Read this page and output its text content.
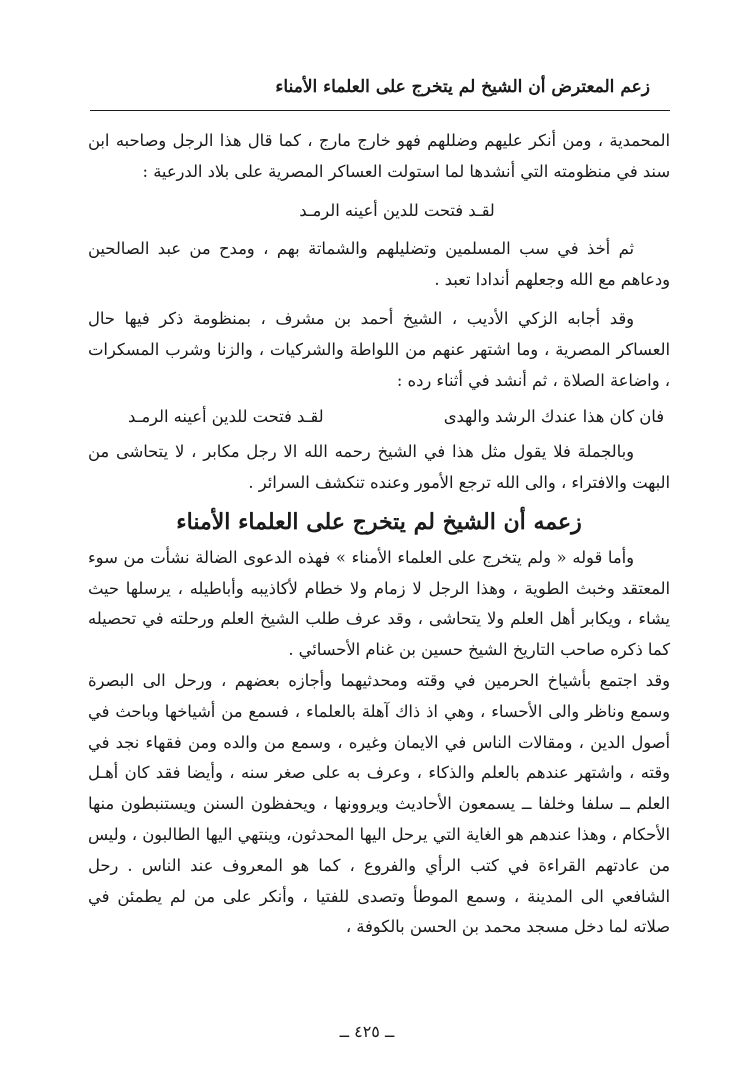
زعم المعترض أن الشيخ لم يتخرج على العلماء الأمناء

المحمدية ، ومن أنكر عليهم وضللهم فهو خارج مارج ، كما قال هذا الرجل وصاحبه ابن سند في منظومته التي أنشدها لما استولت العساكر المصرية على بلاد الدرعية :

لقـد فتحت للدين أعينه الرمـد

ثم أخذ في سب المسلمين وتضليلهم والشماتة بهم ، ومدح من عبد الصالحين ودعاهم مع الله وجعلهم أندادا تعبد .

وقد أجابه الزكي الأديب ، الشيخ أحمد بن مشرف ، بمنظومة ذكر فيها حال العساكر المصرية ، وما اشتهر عنهم من اللواطة والشركيات ، والزنا وشرب المسكرات ، واضاعة الصلاة ، ثم أنشد في أثناء رده :

فان كان هذا عندك الرشد والهدى
لقـد فتحت للدين أعينه الرمـد

وبالجملة فلا يقول مثل هذا في الشيخ رحمه الله الا رجل مكابر ، لا يتحاشى من البهت والافتراء ، والى الله ترجع الأمور وعنده تنكشف السرائر .

زعمه أن الشيخ لم يتخرج على العلماء الأمناء

وأما قوله « ولم يتخرج على العلماء الأمناء » فهذه الدعوى الضالة نشأت من سوء المعتقد وخبث الطوية ، وهذا الرجل لا زمام ولا خطام لأكاذيبه وأباطيله ، يرسلها حيث يشاء ، ويكابر أهل العلم ولا يتحاشى ، وقد عرف طلب الشيخ العلم ورحلته في تحصيله كما ذكره صاحب التاريخ الشيخ حسين بن غنام الأحسائي .

وقد اجتمع بأشياخ الحرمين في وقته ومحدثيهما وأجازه بعضهم ، ورحل الى البصرة وسمع وناظر والى الأحساء ، وهي اذ ذاك آهلة بالعلماء ، فسمع من أشياخها وباحث في أصول الدين ، ومقالات الناس في الايمان وغيره ، وسمع من والده ومن فقهاء نجد في وقته ، واشتهر عندهم بالعلم والذكاء ، وعرف به على صغر سنه ، وأيضا فقد كان أهـل العلم ــ سلفا وخلفا ــ يسمعون الأحاديث ويروونها ، ويحفظون السنن ويستنبطون منها الأحكام ، وهذا عندهم هو الغاية التي يرحل اليها المحدثون، وينتهي اليها الطالبون ، وليس من عادتهم القراءة في كتب الرأي والفروع ، كما هو المعروف عند الناس . رحل الشافعي الى المدينة ، وسمع الموطأ وتصدى للفتيا ، وأنكر على من لم يطمئن في صلاته لما دخل مسجد محمد بن الحسن بالكوفة ،

ــ ٤٢٥ ــ
